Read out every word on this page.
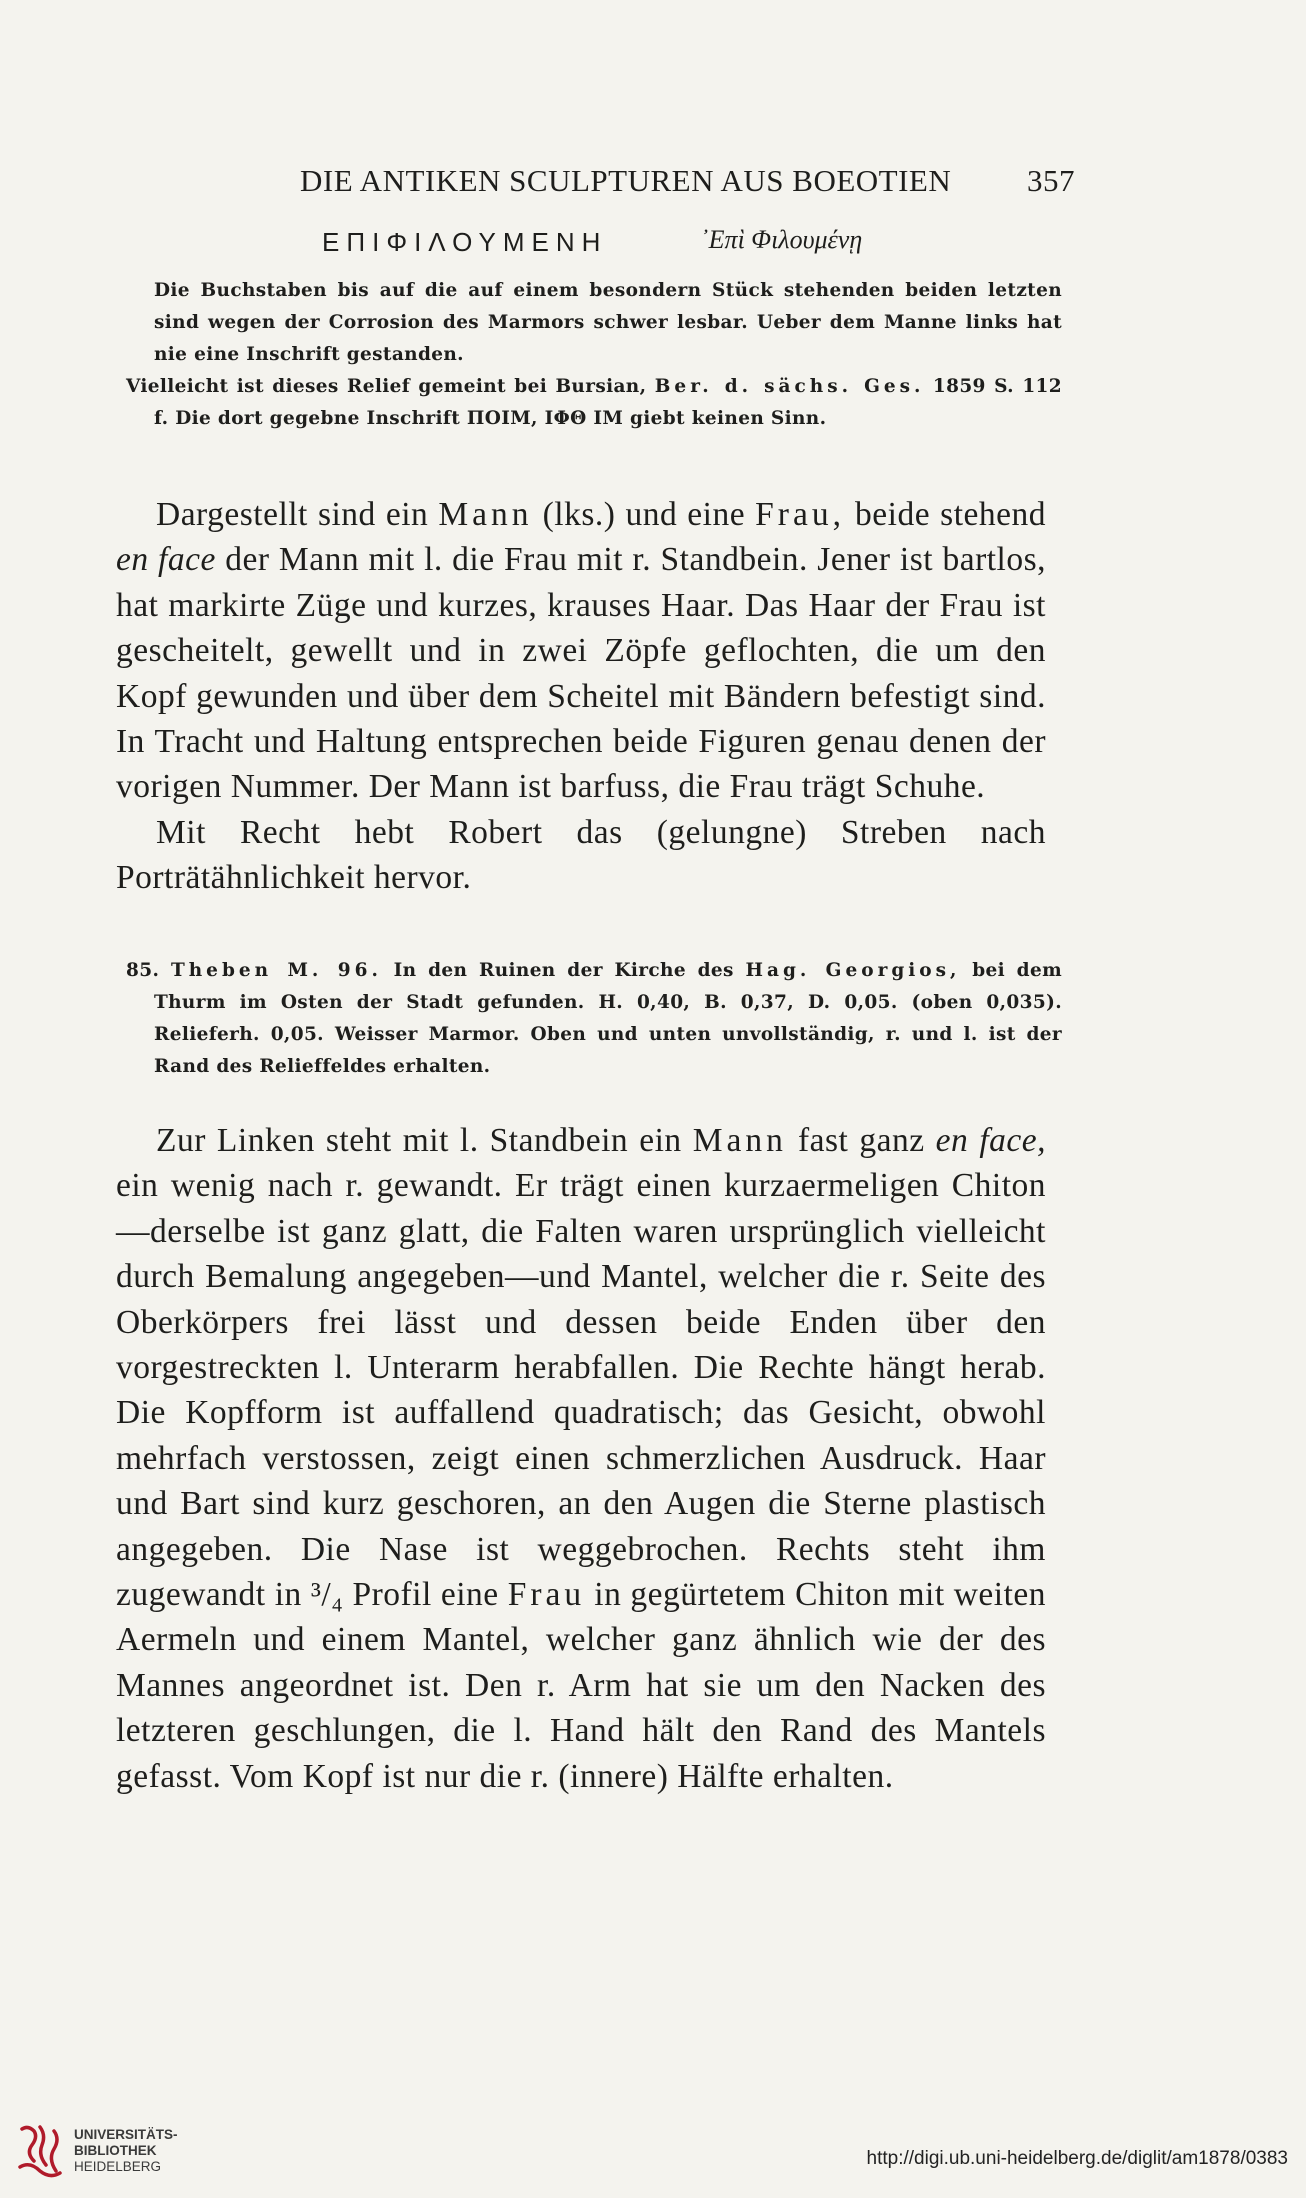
DIE ANTIKEN SCULPTUREN AUS BOEOTIEN 357
ΕΠΙΦΙΛΟΥΜΕΝΗ	᾿Επὶ Φιλουμένῃ

Die Buchstaben bis auf die auf einem besondern Stück stehenden beiden letzten sind wegen der Corrosion des Marmors schwer lesbar. Ueber dem Manne links hat nie eine Inschrift gestanden.

Vielleicht ist dieses Relief gemeint bei Bursian, Ber. d. sächs. Ges. 1859 S. 112 f. Die dort gegebne Inschrift ΠΟΙΜ, ΙΦΘ ΙΜ giebt keinen Sinn.

Dargestellt sind ein Mann (lks.) und eine Frau, beide stehend en face der Mann mit l. die Frau mit r. Standbein. Jener ist bartlos, hat markirte Züge und kurzes, krauses Haar. Das Haar der Frau ist gescheitelt, gewellt und in zwei Zöpfe geflochten, die um den Kopf gewunden und über dem Scheitel mit Bändern befestigt sind. In Tracht und Haltung entsprechen beide Figuren genau denen der vorigen Nummer. Der Mann ist barfuss, die Frau trägt Schuhe.

Mit Recht hebt Robert das (gelungne) Streben nach Porträtähnlichkeit hervor.

85. Theben M. 96. In den Ruinen der Kirche des Hag. Georgios, bei dem Thurm im Osten der Stadt gefunden. H. 0,40, B. 0,37, D. 0,05. (oben 0,035). Relieferh. 0,05. Weisser Marmor. Oben und unten unvollständig, r. und l. ist der Rand des Relieffeldes erhalten.

Zur Linken steht mit l. Standbein ein Mann fast ganz en face, ein wenig nach r. gewandt. Er trägt einen kurzaermeligen Chiton—derselbe ist ganz glatt, die Falten waren ursprünglich vielleicht durch Bemalung angegeben—und Mantel, welcher die r. Seite des Oberkörpers frei lässt und dessen beide Enden über den vorgestreckten l. Unterarm herabfallen. Die Rechte hängt herab. Die Kopfform ist auffallend quadratisch; das Gesicht, obwohl mehrfach verstossen, zeigt einen schmerzlichen Ausdruck. Haar und Bart sind kurz geschoren, an den Augen die Sterne plastisch angegeben. Die Nase ist weggebrochen. Rechts steht ihm zugewandt in ³/₄ Profil eine Frau in gegürtetem Chiton mit weiten Aermeln und einem Mantel, welcher ganz ähnlich wie der des Mannes angeordnet ist. Den r. Arm hat sie um den Nacken des letzteren geschlungen, die l. Hand hält den Rand des Mantels gefasst. Vom Kopf ist nur die r. (innere) Hälfte erhalten.

UNIVERSITÄTS-
BIBLIOTHEK
HEIDELBERG	http://digi.ub.uni-heidelberg.de/diglit/am1878/0383
